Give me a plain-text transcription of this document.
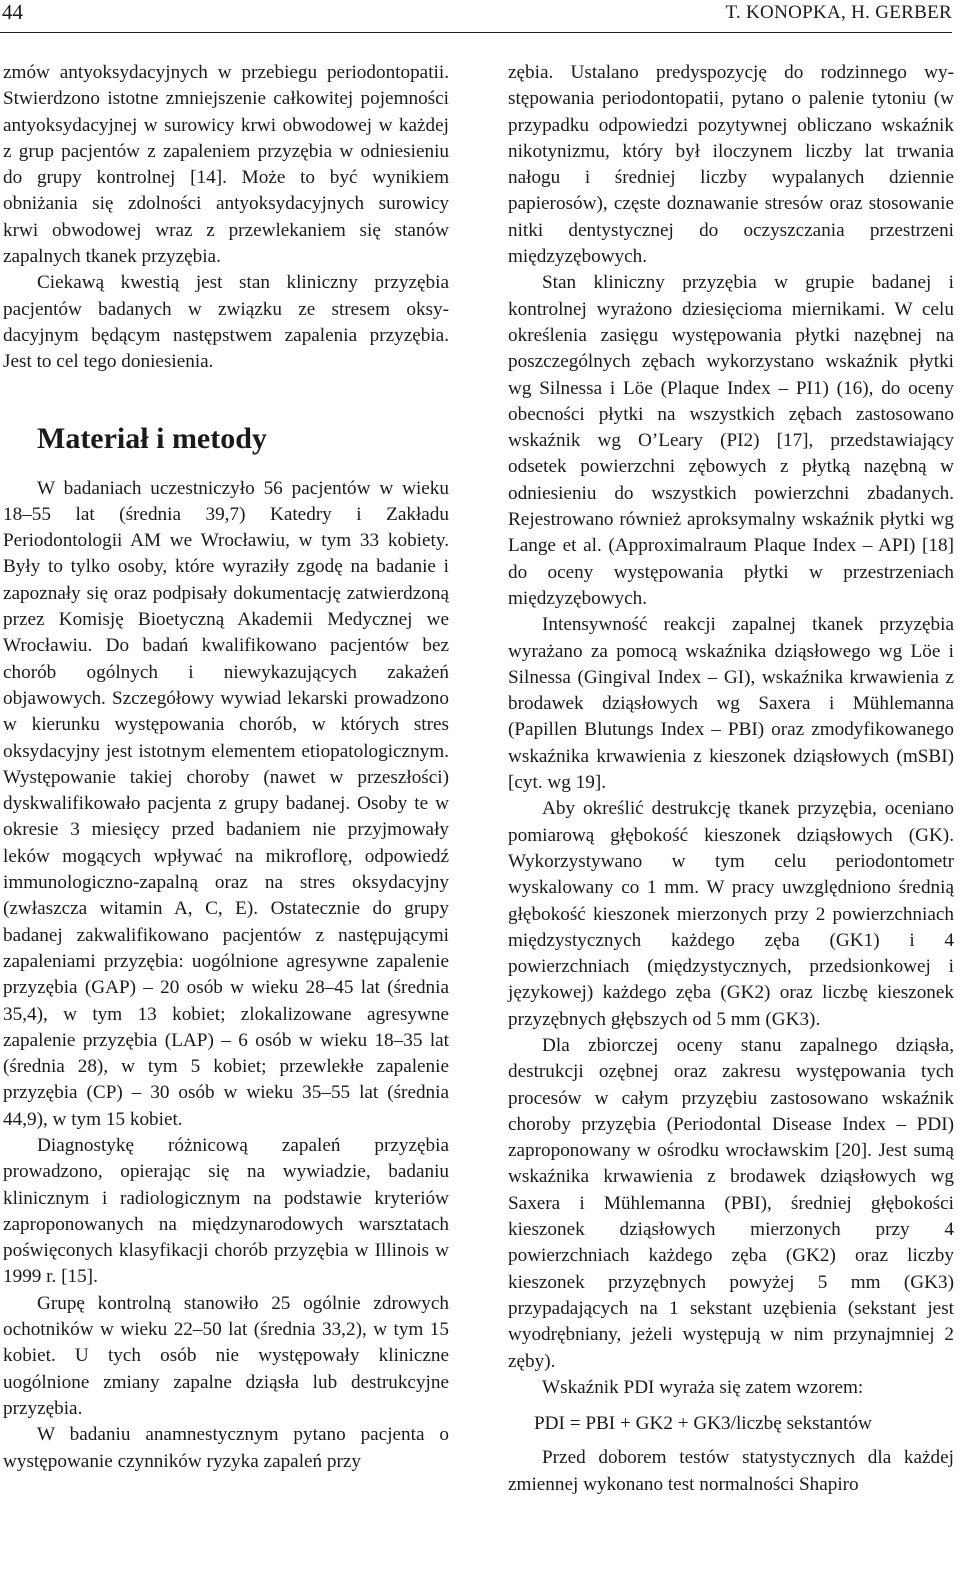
44	T. KONOPKA, H. GERBER

zmów antyoksydacyjnych w przebiegu periodontopatii. Stwierdzono istotne zmniejszenie całkowitej pojemności antyoksydacyjnej w surowicy krwi obwodowej w każdej z grup pacjentów z zapaleniem przyzębia w odniesieniu do grupy kontrolnej [14]. Może to być wynikiem obniżania się zdolności antyoksydacyjnych surowicy krwi obwodowej wraz z przewlekaniem się stanów zapalnych tkanek przyzębia.

Ciekawą kwestią jest stan kliniczny przyzębia pacjentów badanych w związku ze stresem oksydacyjnym będącym następstwem zapalenia przyzębia. Jest to cel tego doniesienia.

Materiał i metody

W badaniach uczestniczyło 56 pacjentów w wieku 18–55 lat (średnia 39,7) Katedry i Zakładu Periodontologii AM we Wrocławiu, w tym 33 kobiety. Były to tylko osoby, które wyraziły zgodę na badanie i zapoznały się oraz podpisały dokumentację zatwierdzoną przez Komisję Bioetyczną Akademii Medycznej we Wrocławiu. Do badań kwalifikowano pacjentów bez chorób ogólnych i niewykazujących zakażeń objawowych. Szczegółowy wywiad lekarski prowadzono w kierunku występowania chorób, w których stres oksydacyjny jest istotnym elementem etiopatologicznym. Występowanie takiej choroby (nawet w przeszłości) dyskwalifikowało pacjenta z grupy badanej. Osoby te w okresie 3 miesięcy przed badaniem nie przyjmowały leków mogących wpływać na mikroflorę, odpowiedź immunologiczno-zapalną oraz na stres oksydacyjny (zwłaszcza witamin A, C, E). Ostatecznie do grupy badanej zakwalifikowano pacjentów z następującymi zapaleniami przyzębia: uogólnione agresywne zapalenie przyzębia (GAP) – 20 osób w wieku 28–45 lat (średnia 35,4), w tym 13 kobiet; zlokalizowane agresywne zapalenie przyzębia (LAP) – 6 osób w wieku 18–35 lat (średnia 28), w tym 5 kobiet; przewlekłe zapalenie przyzębia (CP) – 30 osób w wieku 35–55 lat (średnia 44,9), w tym 15 kobiet.

Diagnostykę różnicową zapaleń przyzębia prowadzono, opierając się na wywiadzie, badaniu klinicznym i radiologicznym na podstawie kryteriów zaproponowanych na międzynarodowych warsztatach poświęconych klasyfikacji chorób przyzębia w Illinois w 1999 r. [15].

Grupę kontrolną stanowiło 25 ogólnie zdrowych ochotników w wieku 22–50 lat (średnia 33,2), w tym 15 kobiet. U tych osób nie występowały kliniczne uogólnione zmiany zapalne dziąsła lub destrukcyjne przyzębia.

W badaniu anamnestycznym pytano pacjenta o występowanie czynników ryzyka zapaleń przy

zębia. Ustalano predyspozycję do rodzinnego występowania periodontopatii, pytano o palenie tytoniu (w przypadku odpowiedzi pozytywnej obliczano wskaźnik nikotynizmu, który był iloczynem liczby lat trwania nałogu i średniej liczby wypalanych dziennie papierosów), częste doznawanie stresów oraz stosowanie nitki dentystycznej do oczyszczania przestrzeni międzyzębowych.

Stan kliniczny przyzębia w grupie badanej i kontrolnej wyrażono dziesięcioma miernikami. W celu określenia zasięgu występowania płytki nazębnej na poszczególnych zębach wykorzystano wskaźnik płytki wg Silnessa i Löe (Plaque Index – PI1) (16), do oceny obecności płytki na wszystkich zębach zastosowano wskaźnik wg O’Leary (PI2) [17], przedstawiający odsetek powierzchni zębowych z płytką nazębną w odniesieniu do wszystkich powierzchni zbadanych. Rejestrowano również aproksymalny wskaźnik płytki wg Lange et al. (Approximalraum Plaque Index – API) [18] do oceny występowania płytki w przestrzeniach międzyzębowych.

Intensywność reakcji zapalnej tkanek przyzębia wyrażano za pomocą wskaźnika dziąsłowego wg Löe i Silnessa (Gingival Index – GI), wskaźnika krwawienia z brodawek dziąsłowych wg Saxera i Mühlemanna (Papillen Blutungs Index – PBI) oraz zmodyfikowanego wskaźnika krwawienia z kieszonek dziąsłowych (mSBI) [cyt. wg 19].

Aby określić destrukcję tkanek przyzębia, oceniano pomiarową głębokość kieszonek dziąsłowych (GK). Wykorzystywano w tym celu periodontometr wyskalowany co 1 mm. W pracy uwzględniono średnią głębokość kieszonek mierzonych przy 2 powierzchniach międzystycznych każdego zęba (GK1) i 4 powierzchniach (międzystycznych, przedsionkowej i językowej) każdego zęba (GK2) oraz liczbę kieszonek przyzębnych głębszych od 5 mm (GK3).

Dla zbiorczej oceny stanu zapalnego dziąsła, destrukcji ozębnej oraz zakresu występowania tych procesów w całym przyzębiu zastosowano wskaźnik choroby przyzębia (Periodontal Disease Index – PDI) zaproponowany w ośrodku wrocławskim [20]. Jest sumą wskaźnika krwawienia z brodawek dziąsłowych wg Saxera i Mühlemanna (PBI), średniej głębokości kieszonek dziąsłowych mierzonych przy 4 powierzchniach każdego zęba (GK2) oraz liczby kieszonek przyzębnych powyżej 5 mm (GK3) przypadających na 1 sekstant uzębienia (sekstant jest wyodrębniany, jeżeli występują w nim przynajmniej 2 zęby).

Wskaźnik PDI wyraża się zatem wzorem:

PDI = PBI + GK2 + GK3/liczbę sekstantów

Przed doborem testów statystycznych dla każdej zmiennej wykonano test normalności Shapiro
